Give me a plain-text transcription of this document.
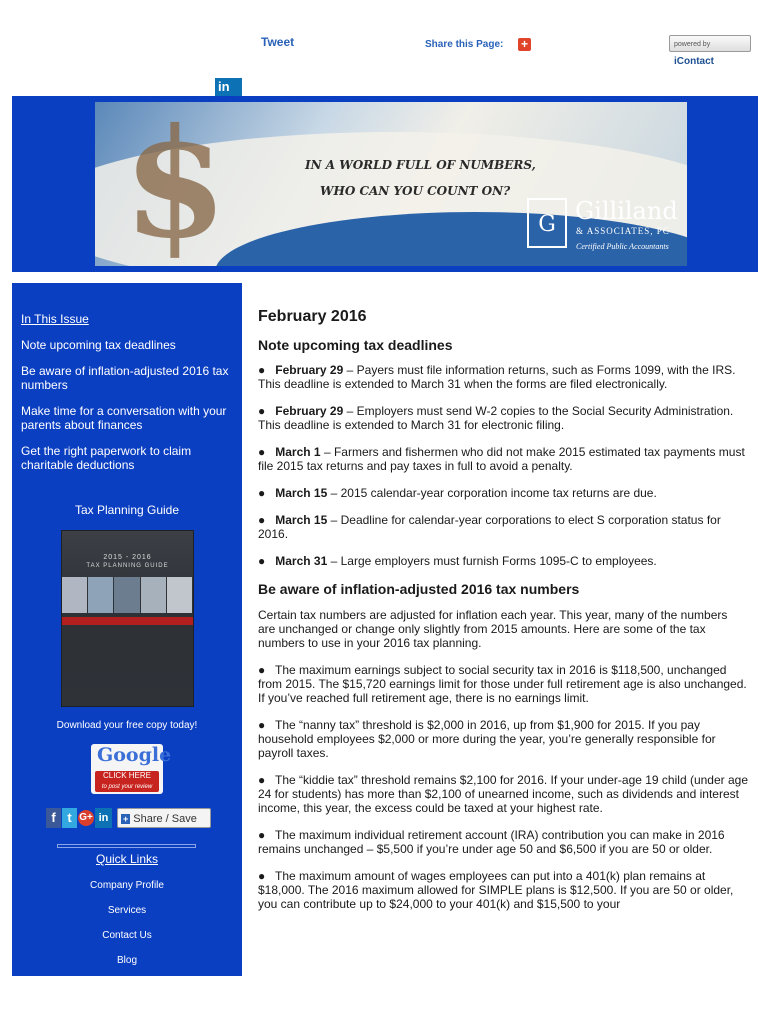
Tweet	Share this Page: +	powered by iContact
in
$	IN A WORLD FULL OF NUMBERS,
WHO CAN YOU COUNT ON?
G Gilliland
& ASSOCIATES, PC
Certified Public Accountants
In This Issue
Note upcoming tax deadlines
Be aware of inflation-adjusted 2016 tax numbers
Make time for a conversation with your parents about finances
Get the right paperwork to claim charitable deductions
Tax Planning Guide
2015 - 2016
TAX PLANNING GUIDE
Download your free copy today!
Google
CLICK HERE
to post your review
f t G+ in	+ Share / Save
Quick Links
Company Profile
Services
Contact Us
Blog
February 2016
Note upcoming tax deadlines

●   February 29 – Payers must file information returns, such as Forms 1099, with the IRS. This deadline is extended to March 31 when the forms are filed electronically.

●   February 29 – Employers must send W-2 copies to the Social Security Administration. This deadline is extended to March 31 for electronic filing.

●   March 1 – Farmers and fishermen who did not make 2015 estimated tax payments must file 2015 tax returns and pay taxes in full to avoid a penalty.

●   March 15 – 2015 calendar-year corporation income tax returns are due.

●   March 15 – Deadline for calendar-year corporations to elect S corporation status for 2016.

●   March 31 – Large employers must furnish Forms 1095-C to employees.

Be aware of inflation-adjusted 2016 tax numbers

Certain tax numbers are adjusted for inflation each year. This year, many of the numbers are unchanged or change only slightly from 2015 amounts. Here are some of the tax numbers to use in your 2016 tax planning.

●   The maximum earnings subject to social security tax in 2016 is $118,500, unchanged from 2015. The $15,720 earnings limit for those under full retirement age is also unchanged. If you’ve reached full retirement age, there is no earnings limit.

●   The “nanny tax” threshold is $2,000 in 2016, up from $1,900 for 2015. If you pay household employees $2,000 or more during the year, you’re generally responsible for payroll taxes.

●   The “kiddie tax” threshold remains $2,100 for 2016. If your under-age 19 child (under age 24 for students) has more than $2,100 of unearned income, such as dividends and interest income, this year, the excess could be taxed at your highest rate.

●   The maximum individual retirement account (IRA) contribution you can make in 2016 remains unchanged – $5,500 if you’re under age 50 and $6,500 if you are 50 or older.

●   The maximum amount of wages employees can put into a 401(k) plan remains at $18,000. The 2016 maximum allowed for SIMPLE plans is $12,500. If you are 50 or older, you can contribute up to $24,000 to your 401(k) and $15,500 to your
